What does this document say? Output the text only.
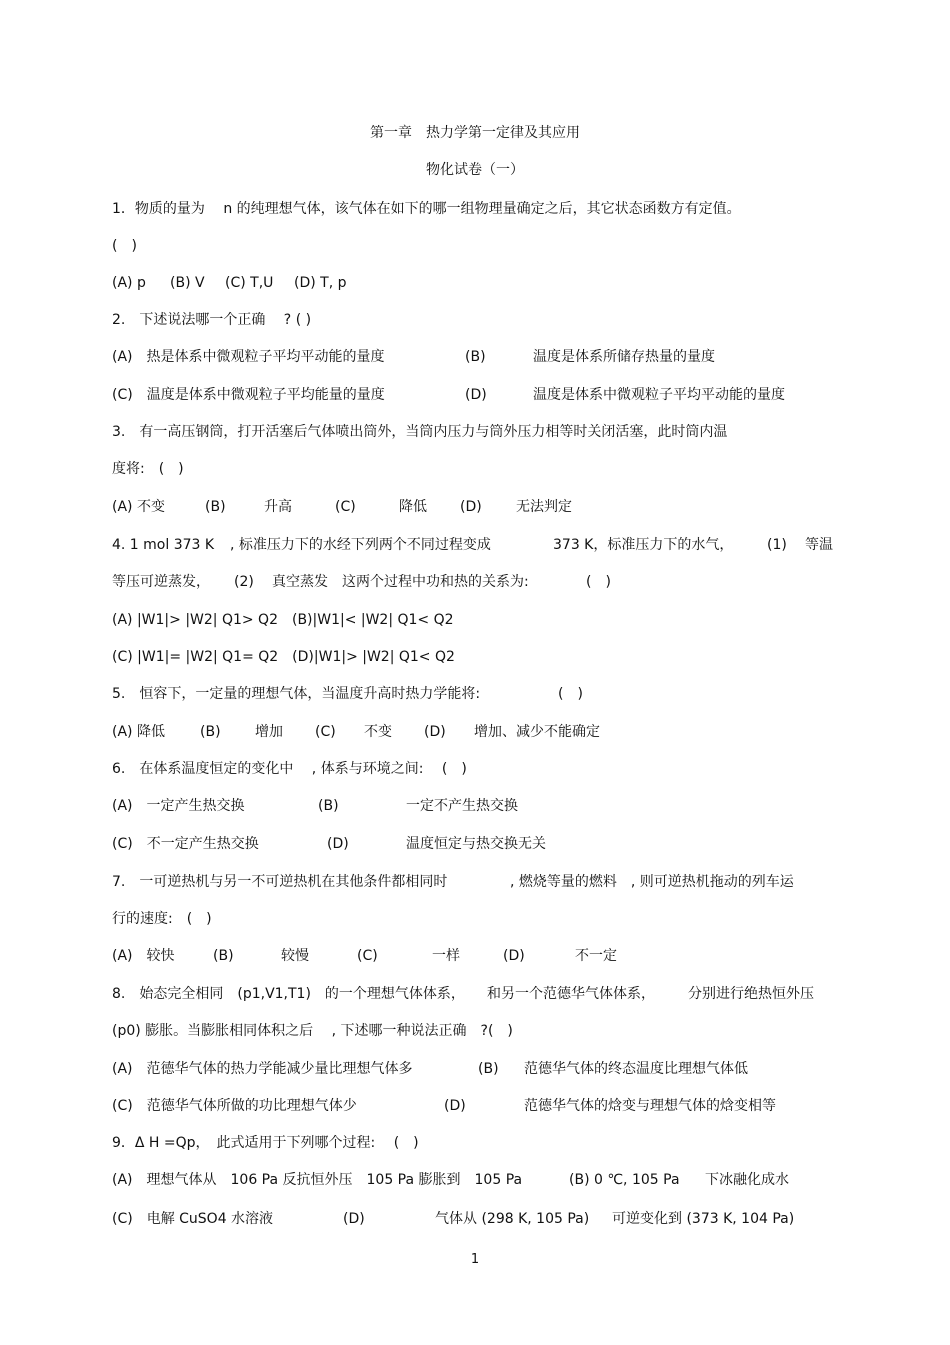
第一章　热力学第一定律及其应用
物化试卷（一）
1．物质的量为　 n 的纯理想气体，该气体在如下的哪一组物理量确定之后，其它状态函数方有定值。
(　)
(A) p (B) V (C) T,U (D) T, p
2.　下述说法哪一个正确　 ? ( )
(A)　热是体系中微观粒子平均平动能的量度	(B)	温度是体系所储存热量的量度
(C)　温度是体系中微观粒子平均能量的量度	(D)	温度是体系中微观粒子平均平动能的量度
3.　有一高压钢筒，打开活塞后气体喷出筒外，当筒内压力与筒外压力相等时关闭活塞，此时筒内温
度将:　(　)
(A) 不变	(B)	升高	(C)	降低 (D) 无法判定
4. 1 mol 373 K , 标准压力下的水经下列两个不同过程变成	373 K，标准压力下的水气， (1) 等温
等压可逆蒸发， (2) 真空蒸发　这两个过程中功和热的关系为:	(　)
(A) |W1|> |W2| Q1> Q2　(B)|W1|< |W2| Q1< Q2
(C) |W1|= |W2| Q1= Q2　(D)|W1|> |W2| Q1< Q2
5.　恒容下，一定量的理想气体，当温度升高时热力学能将:	(　)
(A) 降低	(B) 增加 (C) 不变 (D) 增加、减少不能确定
6.　在体系温度恒定的变化中　 , 体系与环境之间:　 (　)
(A)　一定产生热交换	(B)	一定不产生热交换
(C)　不一定产生热交换	(D)	温度恒定与热交换无关
7.　一可逆热机与另一不可逆热机在其他条件都相同时	, 燃烧等量的燃料　, 则可逆热机拖动的列车运
行的速度:　(　)
(A)　较快	(B)	较慢	(C)	一样	(D)	不一定
8.　始态完全相同　(p1,V1,T1)　的一个理想气体体系， 和另一个范德华气体体系， 分别进行绝热恒外压
(p0) 膨胀。当膨胀相同体积之后　 , 下述哪一种说法正确　?(　)
(A)　范德华气体的热力学能减少量比理想气体多	(B) 范德华气体的终态温度比理想气体低
(C)　范德华气体所做的功比理想气体少	(D)	范德华气体的焓变与理想气体的焓变相等
9．Δ H =Qp，　此式适用于下列哪个过程:　 (　)
(A)　理想气体从　106 Pa 反抗恒外压　105 Pa 膨胀到　105 Pa	(B) 0 ℃, 105 Pa 下冰融化成水
(C)　电解 CuSO4 水溶液	(D)	气体从 (298 K, 105 Pa) 可逆变化到 (373 K, 104 Pa)
1
